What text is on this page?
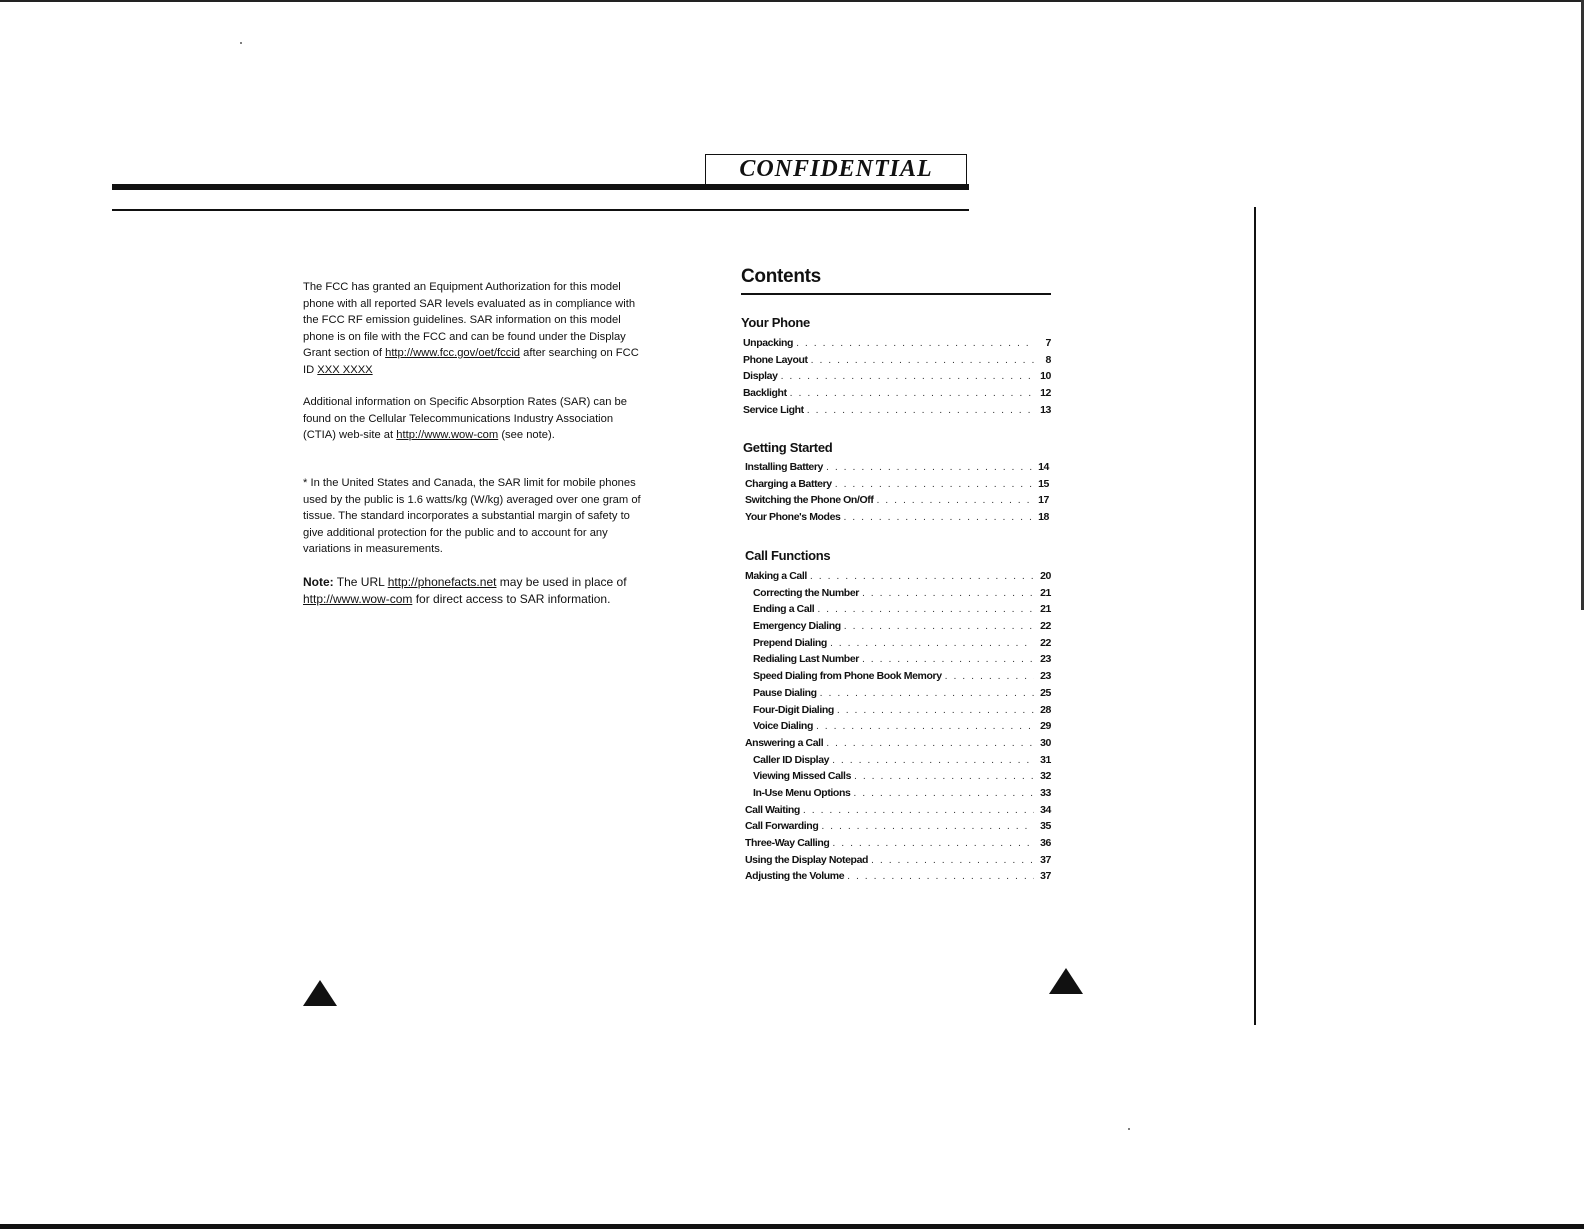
CONFIDENTIAL
The FCC has granted an Equipment Authorization for this model phone with all reported SAR levels evaluated as in compliance with the FCC RF emission guidelines. SAR information on this model phone is on file with the FCC and can be found under the Display Grant section of http://www.fcc.gov/oet/fccid after searching on FCC ID XXX XXXX
Additional information on Specific Absorption Rates (SAR) can be found on the Cellular Telecommunications Industry Association (CTIA) web-site at http://www.wow-com (see note).
* In the United States and Canada, the SAR limit for mobile phones used by the public is 1.6 watts/kg (W/kg) averaged over one gram of tissue. The standard incorporates a substantial margin of safety to give additional protection for the public and to account for any variations in measurements.
Note: The URL http://phonefacts.net may be used in place of http://www.wow-com for direct access to SAR information.
Contents
Your Phone
Unpacking . . .	7
Phone Layout . . .	8
Display . . .	10
Backlight . . .	12
Service Light . . .	13
Getting Started
Installing Battery . . .	14
Charging a Battery . . .	15
Switching the Phone On/Off . . .	17
Your Phone's Modes . . .	18
Call Functions
Making a Call . . .	20
Correcting the Number . . .	21
Ending a Call . . .	21
Emergency Dialing . . .	22
Prepend Dialing . . .	22
Redialing Last Number . . .	23
Speed Dialing from Phone Book Memory . . .	23
Pause Dialing . . .	25
Four-Digit Dialing . . .	28
Voice Dialing . . .	29
Answering a Call . . .	30
Caller ID Display . . .	31
Viewing Missed Calls . . .	32
In-Use Menu Options . . .	33
Call Waiting . . .	34
Call Forwarding . . .	35
Three-Way Calling . . .	36
Using the Display Notepad . . .	37
Adjusting the Volume . . .	37
